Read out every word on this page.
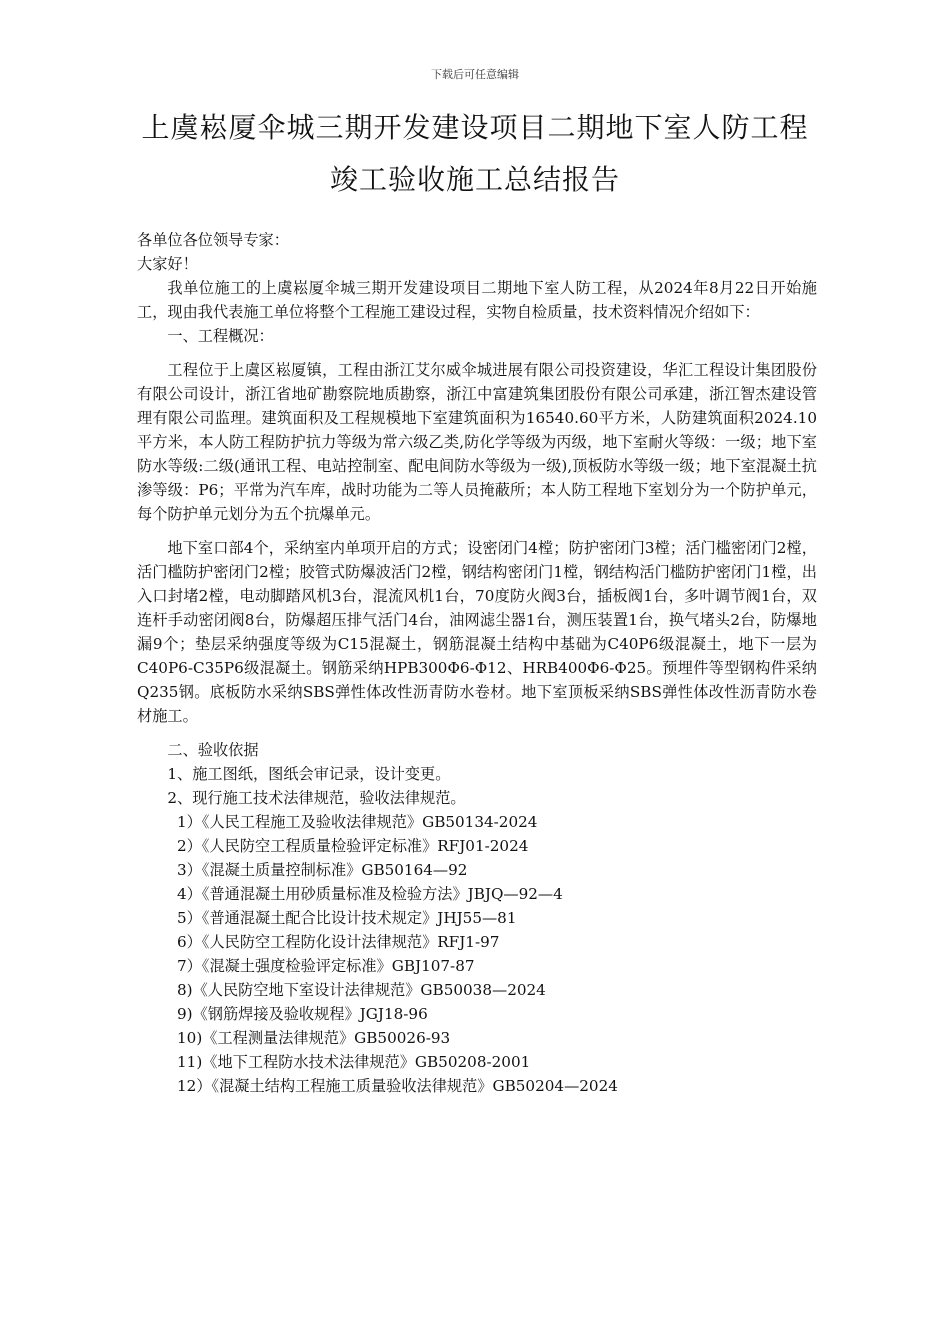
下载后可任意编辑
上虞崧厦伞城三期开发建设项目二期地下室人防工程
竣工验收施工总结报告

各单位各位领导专家：

大家好！

我单位施工的上虞崧厦伞城三期开发建设项目二期地下室人防工程，从2024年8月22日开始施工，现由我代表施工单位将整个工程施工建设过程，实物自检质量，技术资料情况介绍如下：

一、工程概况：

工程位于上虞区崧厦镇，工程由浙江艾尔威伞城进展有限公司投资建设，华汇工程设计集团股份有限公司设计，浙江省地矿勘察院地质勘察，浙江中富建筑集团股份有限公司承建，浙江智杰建设管理有限公司监理。建筑面积及工程规模地下室建筑面积为16540.60平方米，人防建筑面积2024.10平方米，本人防工程防护抗力等级为常六级乙类,防化学等级为丙级，地下室耐火等级：一级；地下室防水等级:二级(通讯工程、电站控制室、配电间防水等级为一级),顶板防水等级一级；地下室混凝土抗渗等级：P6；平常为汽车库，战时功能为二等人员掩蔽所；本人防工程地下室划分为一个防护单元，每个防护单元划分为五个抗爆单元。

地下室口部4个，采纳室内单项开启的方式；设密闭门4樘；防护密闭门3樘；活门槛密闭门2樘，活门槛防护密闭门2樘；胶管式防爆波活门2樘，钢结构密闭门1樘，钢结构活门槛防护密闭门1樘，出入口封堵2樘，电动脚踏风机3台，混流风机1台，70度防火阀3台，插板阀1台，多叶调节阀1台，双连杆手动密闭阀8台，防爆超压排气活门4台，油网滤尘器1台，测压装置1台，换气堵头2台，防爆地漏9个；垫层采纳强度等级为C15混凝土，钢筋混凝土结构中基础为C40P6级混凝土，地下一层为C40P6-C35P6级混凝土。钢筋采纳HPB300Φ6-Φ12、HRB400Φ6-Φ25。预埋件等型钢构件采纳Q235钢。底板防水采纳SBS弹性体改性沥青防水卷材。地下室顶板采纳SBS弹性体改性沥青防水卷材施工。

二、验收依据

1、施工图纸，图纸会审记录，设计变更。

2、现行施工技术法律规范，验收法律规范。

1）《人民工程施工及验收法律规范》GB50134-2024
2）《人民防空工程质量检验评定标准》RFJ01-2024
3）《混凝土质量控制标准》GB50164—92
4）《普通混凝土用砂质量标准及检验方法》JBJQ—92—4
5）《普通混凝土配合比设计技术规定》JHJ55—81
6）《人民防空工程防化设计法律规范》RFJ1-97
7）《混凝土强度检验评定标准》GBJ107-87
8)《人民防空地下室设计法律规范》GB50038—2024
9)《钢筋焊接及验收规程》JGJ18-96
10)《工程测量法律规范》GB50026-93
11)《地下工程防水技术法律规范》GB50208-2001
12）《混凝土结构工程施工质量验收法律规范》GB50204—2024
